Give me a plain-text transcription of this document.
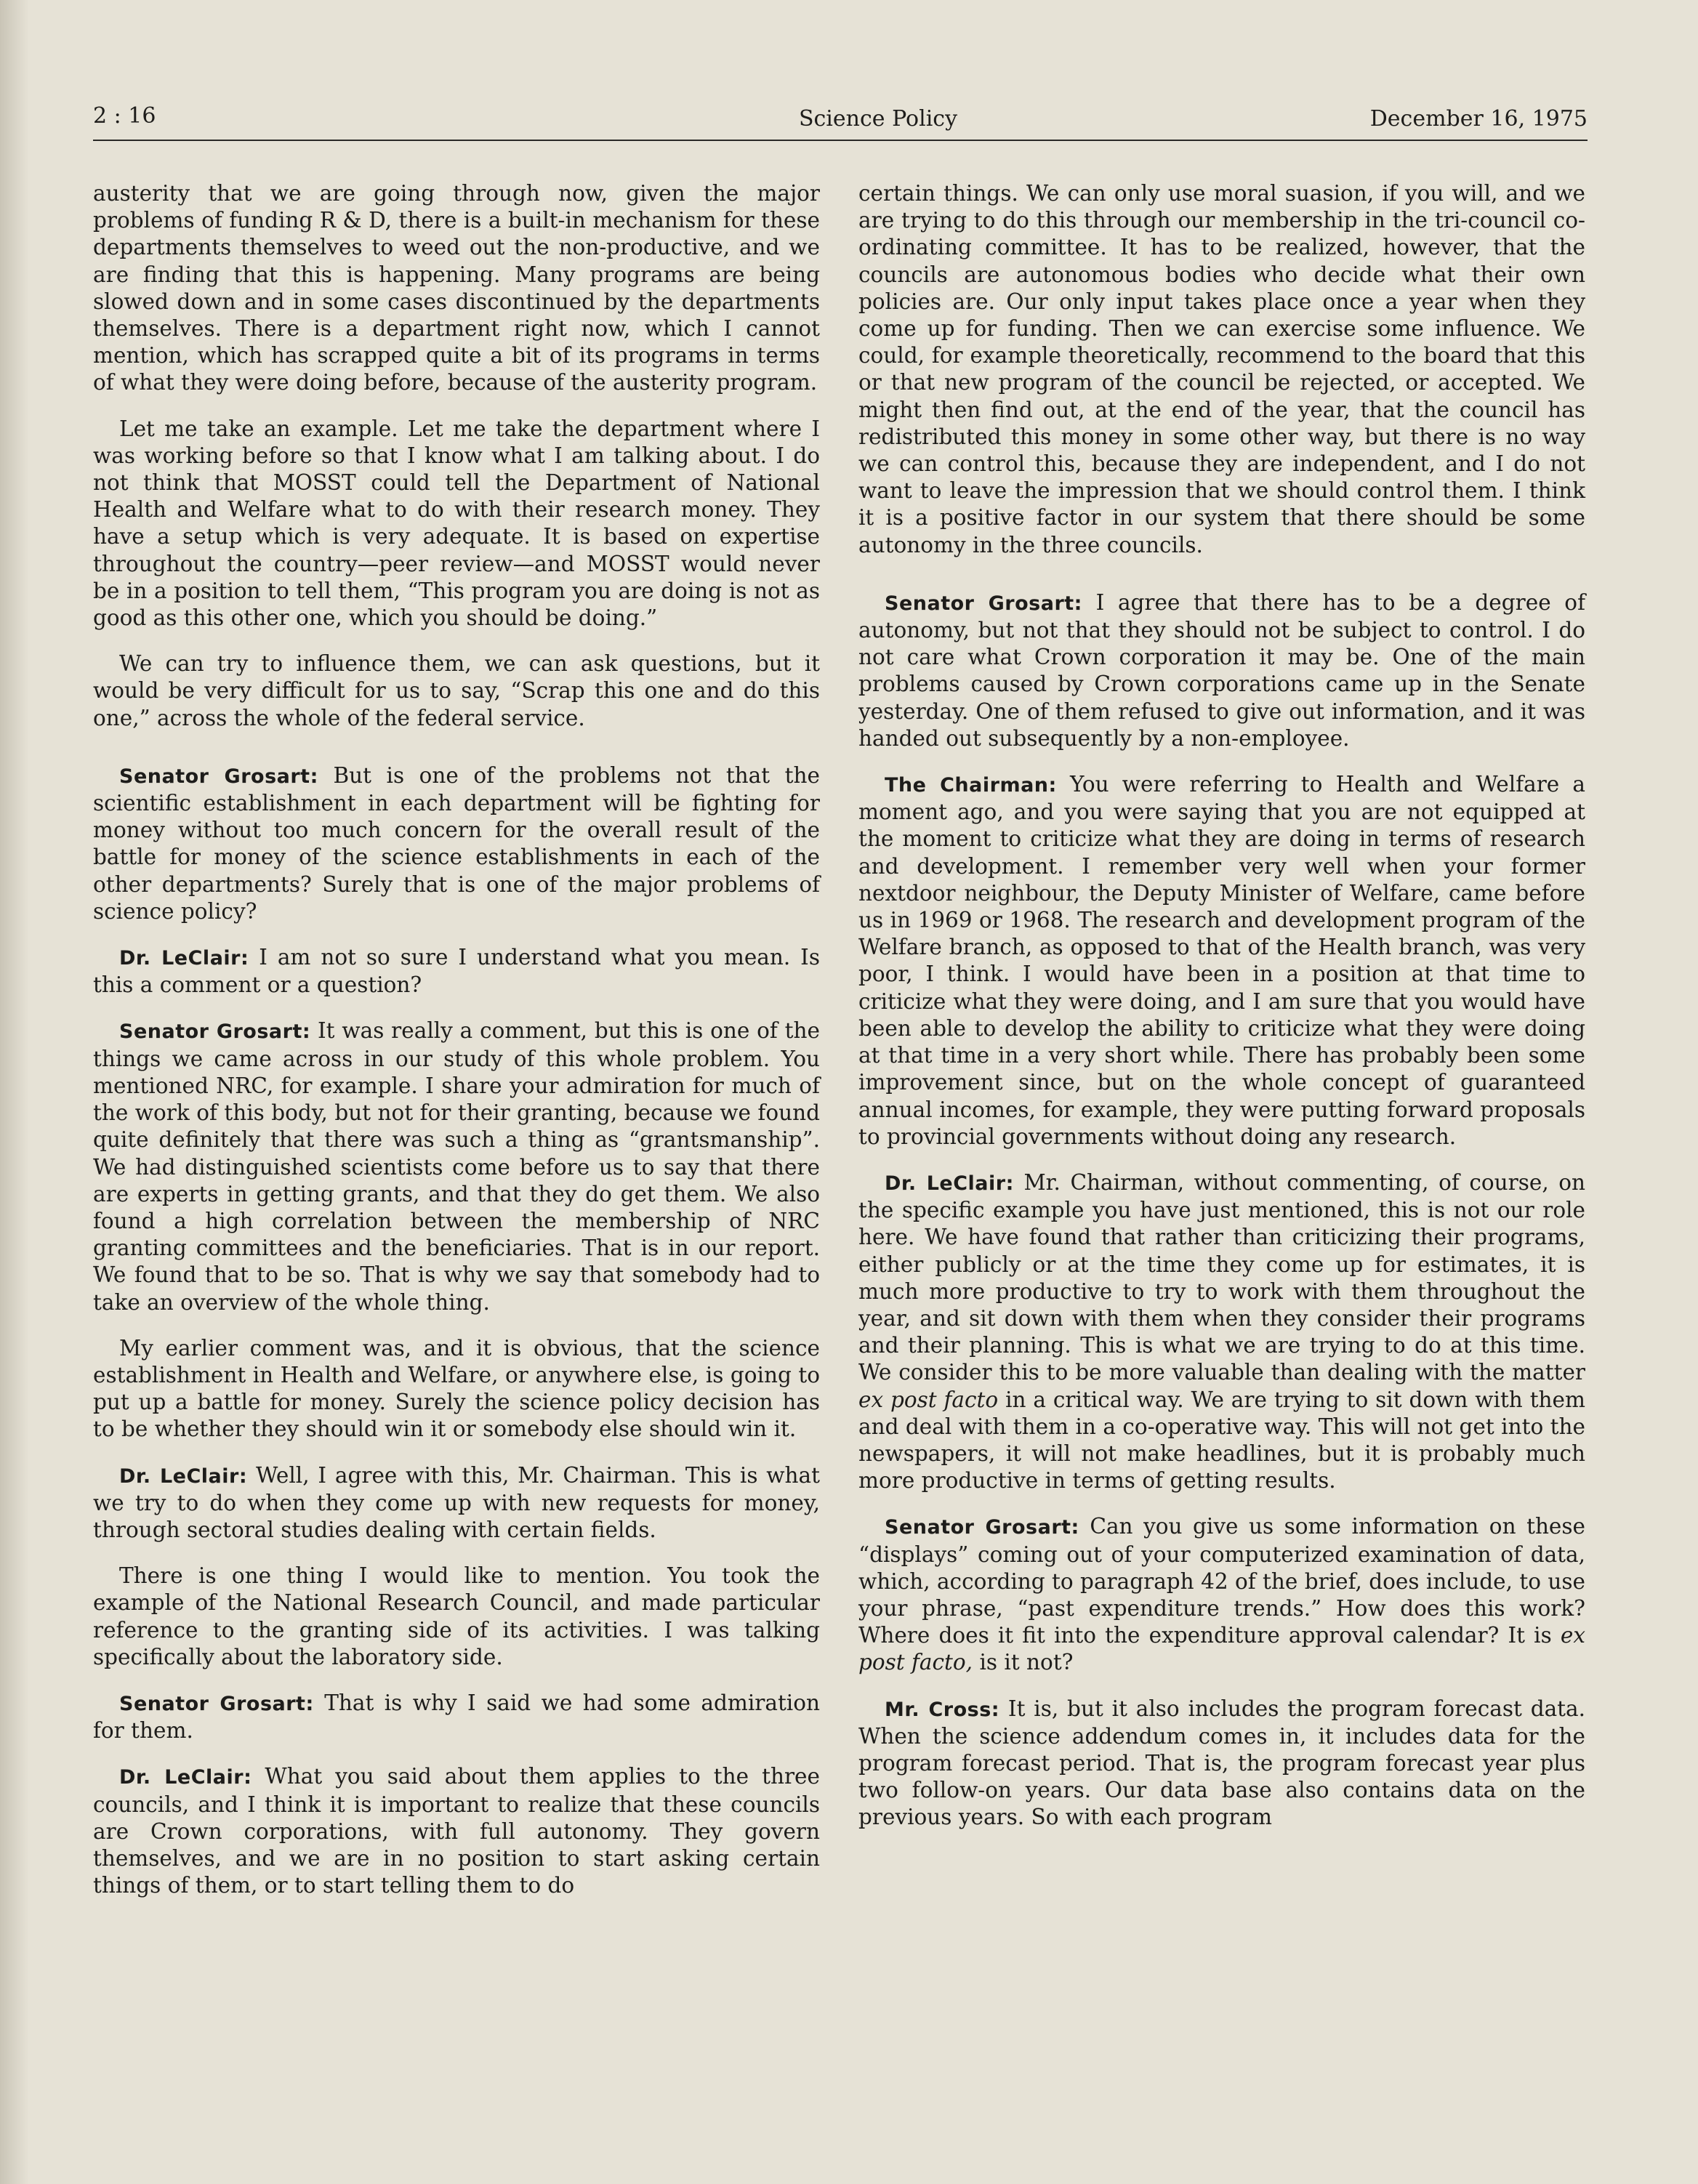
2 : 16	Science Policy	December 16, 1975

austerity that we are going through now, given the major problems of funding R & D, there is a built-in mechanism for these departments themselves to weed out the non-productive, and we are finding that this is happening. Many programs are being slowed down and in some cases discontinued by the departments themselves. There is a department right now, which I cannot mention, which has scrapped quite a bit of its programs in terms of what they were doing before, because of the austerity program.

Let me take an example. Let me take the department where I was working before so that I know what I am talking about. I do not think that MOSST could tell the Department of National Health and Welfare what to do with their research money. They have a setup which is very adequate. It is based on expertise throughout the country—peer review—and MOSST would never be in a position to tell them, “This program you are doing is not as good as this other one, which you should be doing.”

We can try to influence them, we can ask questions, but it would be very difficult for us to say, “Scrap this one and do this one,” across the whole of the federal service.

Senator Grosart: But is one of the problems not that the scientific establishment in each department will be fighting for money without too much concern for the overall result of the battle for money of the science establishments in each of the other departments? Surely that is one of the major problems of science policy?

Dr. LeClair: I am not so sure I understand what you mean. Is this a comment or a question?

Senator Grosart: It was really a comment, but this is one of the things we came across in our study of this whole problem. You mentioned NRC, for example. I share your admiration for much of the work of this body, but not for their granting, because we found quite definitely that there was such a thing as “grantsmanship”. We had distinguished scientists come before us to say that there are experts in getting grants, and that they do get them. We also found a high correlation between the membership of NRC granting committees and the beneficiaries. That is in our report. We found that to be so. That is why we say that somebody had to take an overview of the whole thing.

My earlier comment was, and it is obvious, that the science establishment in Health and Welfare, or anywhere else, is going to put up a battle for money. Surely the science policy decision has to be whether they should win it or somebody else should win it.

Dr. LeClair: Well, I agree with this, Mr. Chairman. This is what we try to do when they come up with new requests for money, through sectoral studies dealing with certain fields.

There is one thing I would like to mention. You took the example of the National Research Council, and made particular reference to the granting side of its activities. I was talking specifically about the laboratory side.

Senator Grosart: That is why I said we had some admiration for them.

Dr. LeClair: What you said about them applies to the three councils, and I think it is important to realize that these councils are Crown corporations, with full autonomy. They govern themselves, and we are in no position to start asking certain things of them, or to start telling them to do

certain things. We can only use moral suasion, if you will, and we are trying to do this through our membership in the tri-council co-ordinating committee. It has to be realized, however, that the councils are autonomous bodies who decide what their own policies are. Our only input takes place once a year when they come up for funding. Then we can exercise some influence. We could, for example theoretically, recommend to the board that this or that new program of the council be rejected, or accepted. We might then find out, at the end of the year, that the council has redistributed this money in some other way, but there is no way we can control this, because they are independent, and I do not want to leave the impression that we should control them. I think it is a positive factor in our system that there should be some autonomy in the three councils.

Senator Grosart: I agree that there has to be a degree of autonomy, but not that they should not be subject to control. I do not care what Crown corporation it may be. One of the main problems caused by Crown corporations came up in the Senate yesterday. One of them refused to give out information, and it was handed out subsequently by a non-employee.

The Chairman: You were referring to Health and Welfare a moment ago, and you were saying that you are not equipped at the moment to criticize what they are doing in terms of research and development. I remember very well when your former nextdoor neighbour, the Deputy Minister of Welfare, came before us in 1969 or 1968. The research and development program of the Welfare branch, as opposed to that of the Health branch, was very poor, I think. I would have been in a position at that time to criticize what they were doing, and I am sure that you would have been able to develop the ability to criticize what they were doing at that time in a very short while. There has probably been some improvement since, but on the whole concept of guaranteed annual incomes, for example, they were putting forward proposals to provincial governments without doing any research.

Dr. LeClair: Mr. Chairman, without commenting, of course, on the specific example you have just mentioned, this is not our role here. We have found that rather than criticizing their programs, either publicly or at the time they come up for estimates, it is much more productive to try to work with them throughout the year, and sit down with them when they consider their programs and their planning. This is what we are trying to do at this time. We consider this to be more valuable than dealing with the matter ex post facto in a critical way. We are trying to sit down with them and deal with them in a co-operative way. This will not get into the newspapers, it will not make headlines, but it is probably much more productive in terms of getting results.

Senator Grosart: Can you give us some information on these “displays” coming out of your computerized examination of data, which, according to paragraph 42 of the brief, does include, to use your phrase, “past expenditure trends.” How does this work? Where does it fit into the expenditure approval calendar? It is ex post facto, is it not?

Mr. Cross: It is, but it also includes the program forecast data. When the science addendum comes in, it includes data for the program forecast period. That is, the program forecast year plus two follow-on years. Our data base also contains data on the previous years. So with each program
